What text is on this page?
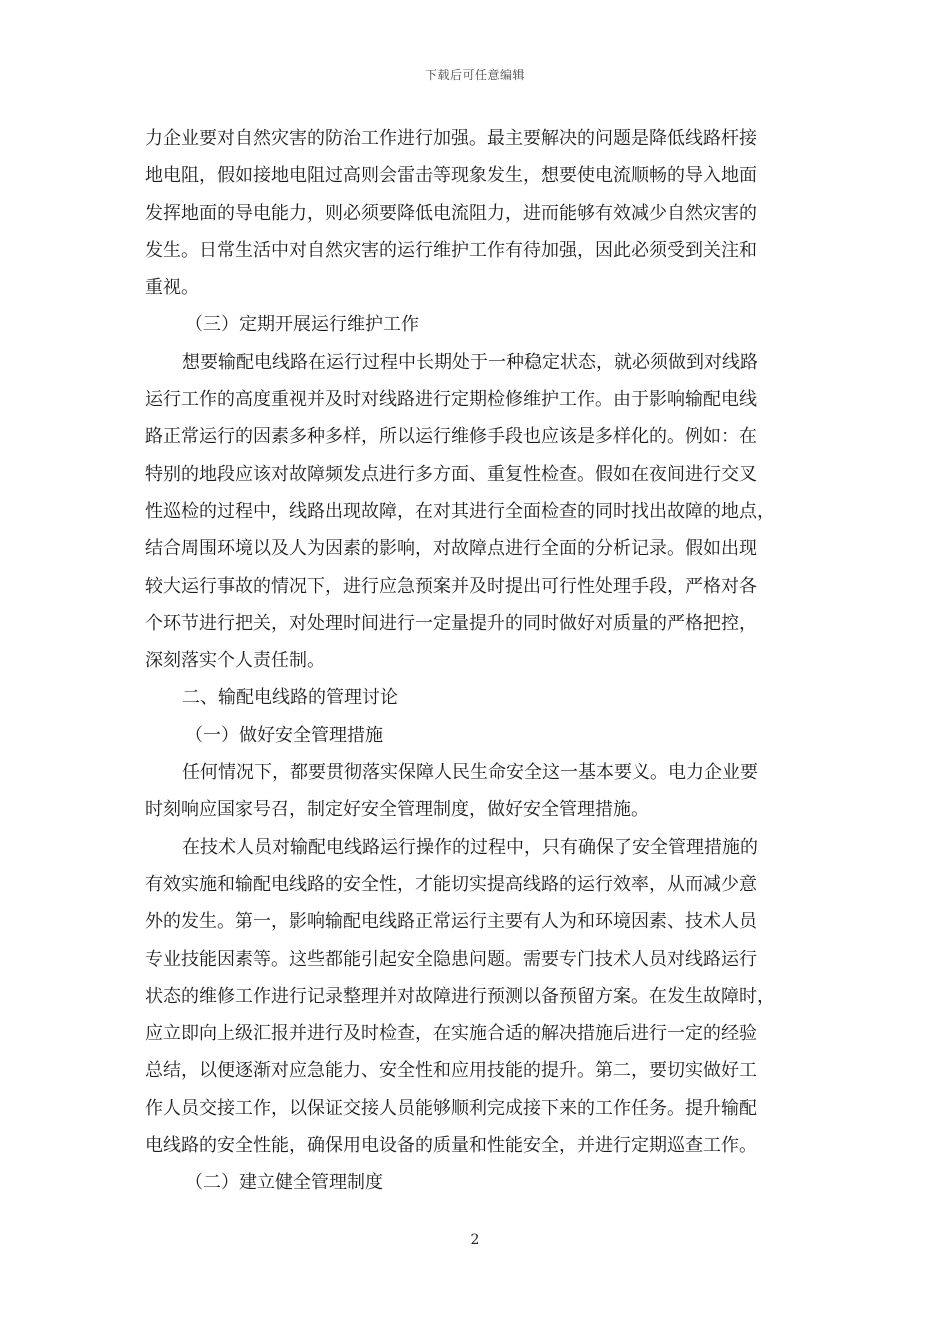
下载后可任意编辑
力企业要对自然灾害的防治工作进行加强。最主要解决的问题是降低线路杆接
地电阻，假如接地电阻过高则会雷击等现象发生，想要使电流顺畅的导入地面
发挥地面的导电能力，则必须要降低电流阻力，进而能够有效减少自然灾害的
发生。日常生活中对自然灾害的运行维护工作有待加强，因此必须受到关注和
重视。
（三）定期开展运行维护工作
想要输配电线路在运行过程中长期处于一种稳定状态，就必须做到对线路
运行工作的高度重视并及时对线路进行定期检修维护工作。由于影响输配电线
路正常运行的因素多种多样，所以运行维修手段也应该是多样化的。例如：在
特别的地段应该对故障频发点进行多方面、重复性检查。假如在夜间进行交叉
性巡检的过程中，线路出现故障，在对其进行全面检查的同时找出故障的地点，
结合周围环境以及人为因素的影响，对故障点进行全面的分析记录。假如出现
较大运行事故的情况下，进行应急预案并及时提出可行性处理手段，严格对各
个环节进行把关，对处理时间进行一定量提升的同时做好对质量的严格把控，
深刻落实个人责任制。
二、输配电线路的管理讨论
（一）做好安全管理措施
任何情况下，都要贯彻落实保障人民生命安全这一基本要义。电力企业要
时刻响应国家号召，制定好安全管理制度，做好安全管理措施。
在技术人员对输配电线路运行操作的过程中，只有确保了安全管理措施的
有效实施和输配电线路的安全性，才能切实提高线路的运行效率，从而减少意
外的发生。第一，影响输配电线路正常运行主要有人为和环境因素、技术人员
专业技能因素等。这些都能引起安全隐患问题。需要专门技术人员对线路运行
状态的维修工作进行记录整理并对故障进行预测以备预留方案。在发生故障时，
应立即向上级汇报并进行及时检查，在实施合适的解决措施后进行一定的经验
总结，以便逐渐对应急能力、安全性和应用技能的提升。第二，要切实做好工
作人员交接工作，以保证交接人员能够顺利完成接下来的工作任务。提升输配
电线路的安全性能，确保用电设备的质量和性能安全，并进行定期巡查工作。
（二）建立健全管理制度
2
